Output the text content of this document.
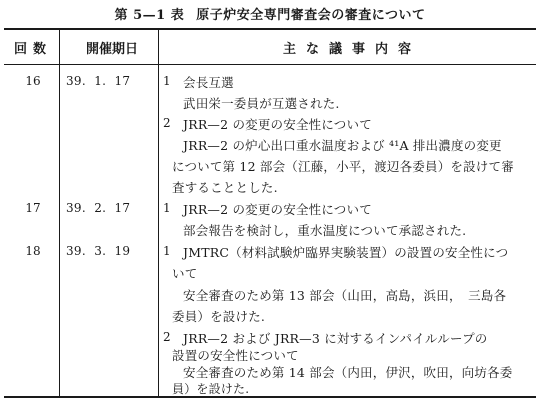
第 5—1 表 原子炉安全専門審査会の審査について
回数	開催期日	主な議事内容
16	39.  1.  17	1 会長互選
武田栄一委員が互選された.
2 JRR—2 の変更の安全性について
JRR—2 の炉心出口重水温度および ⁴¹A 排出濃度の変更
について第 12 部会（江藤，小平，渡辺各委員）を設けて審
査することとした.
17	39.  2.  17	1 JRR—2 の変更の安全性について
部会報告を検討し，重水温度について承認された.
18	39.  3.  19	1 JMTRC（材料試験炉臨界実験装置）の設置の安全性につ
いて
安全審査のため第 13 部会（山田，高島，浜田，　三島各
委員）を設けた.
2 JRR—2 および JRR—3 に対するインパイルループの
設置の安全性について
安全審査のため第 14 部会（内田，伊沢，吹田，向坊各委
員）を設けた.
